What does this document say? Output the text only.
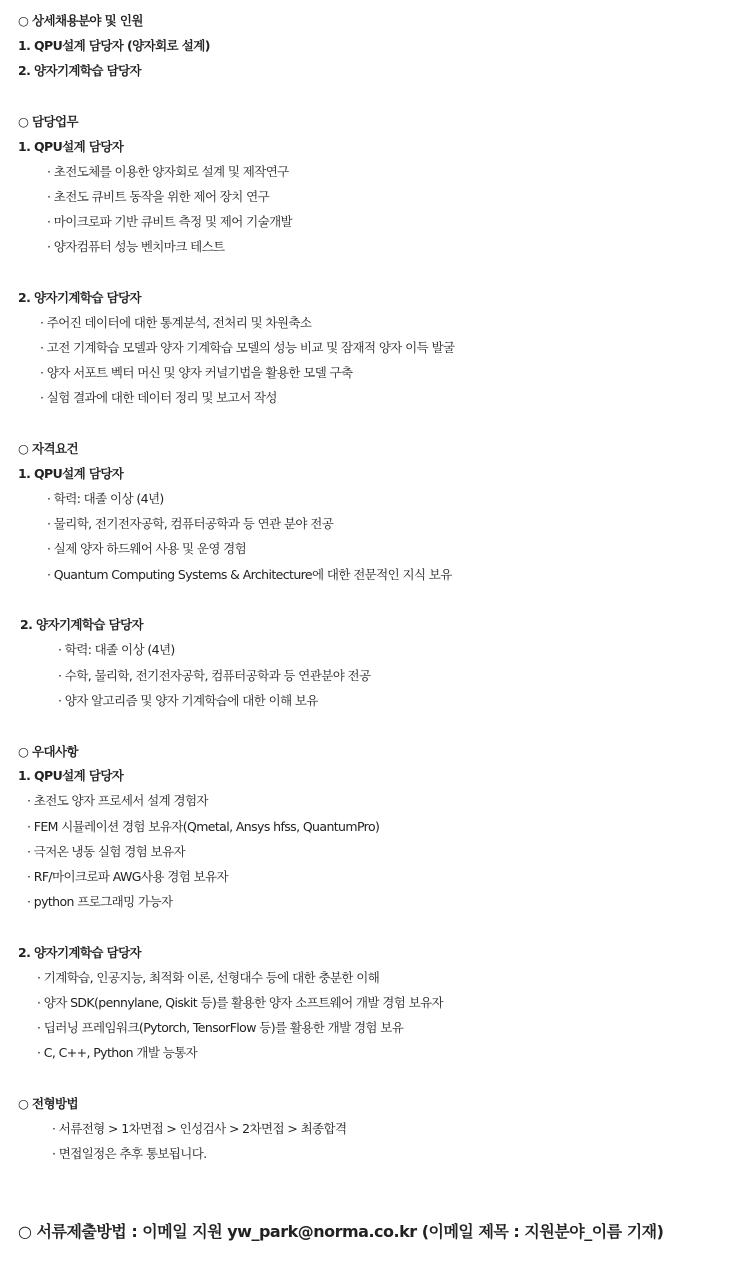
○ 상세채용분야 및 인원
1. QPU설계 담당자 (양자회로 설계)
2. 양자기계학습 담당자
○ 담당업무
1. QPU설계 담당자
· 초전도체를 이용한 양자회로 설계 및 제작연구
· 초전도 큐비트 동작을 위한 제어 장치 연구
· 마이크로파 기반 큐비트 측정 및 제어 기술개발
· 양자컴퓨터 성능 벤치마크 테스트
2. 양자기계학습 담당자
· 주어진 데이터에 대한 통계분석, 전처리 및 차원축소
· 고전 기계학습 모델과 양자 기계학습 모델의 성능 비교 및 잠재적 양자 이득 발굴
· 양자 서포트 벡터 머신 및 양자 커널기법을 활용한 모델 구축
· 실험 결과에 대한 데이터 정리 및 보고서 작성
○ 자격요건
1. QPU설계 담당자
· 학력: 대졸 이상 (4년)
· 물리학, 전기전자공학, 컴퓨터공학과 등 연관 분야 전공
· 실제 양자 하드웨어 사용 및 운영 경험
· Quantum Computing Systems & Architecture에 대한 전문적인 지식 보유
2. 양자기계학습 담당자
· 학력: 대졸 이상 (4년)
· 수학, 물리학, 전기전자공학, 컴퓨터공학과 등 연관분야 전공
· 양자 알고리즘 및 양자 기계학습에 대한 이해 보유
○ 우대사항
1. QPU설계 담당자
· 초전도 양자 프로세서 설계 경험자
· FEM 시뮬레이션 경험 보유자(Qmetal, Ansys hfss, QuantumPro)
· 극저온 냉동 실험 경험 보유자
· RF/마이크로파 AWG사용 경험 보유자
· python 프로그래밍 가능자
2. 양자기계학습 담당자
· 기계학습, 인공지능, 최적화 이론, 선형대수 등에 대한 충분한 이해
· 양자 SDK(pennylane, Qiskit 등)를 활용한 양자 소프트웨어 개발 경험 보유자
· 딥러닝 프레임워크(Pytorch, TensorFlow 등)를 활용한 개발 경험 보유
· C, C++, Python 개발 능통자
○ 전형방법
· 서류전형 > 1차면접 > 인성검사 > 2차면접 > 최종합격
· 면접일정은 추후 통보됩니다.
○ 서류제출방법 : 이메일 지원 yw_park@norma.co.kr (이메일 제목 : 지원분야_이름 기재)
